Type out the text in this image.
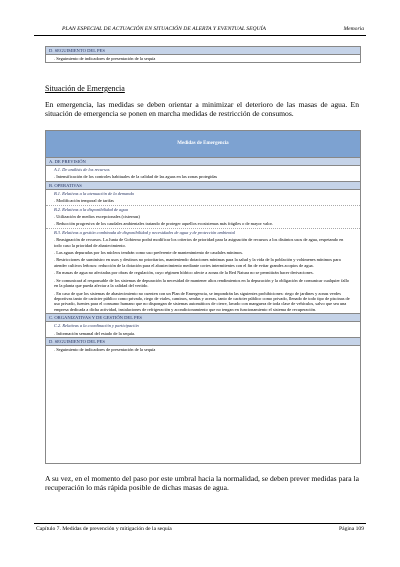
PLAN ESPECIAL DE ACTUACIÓN EN SITUACIÓN DE ALERTA Y EVENTUAL SEQUÍA	Memoria
D. SEGUIMIENTO DEL PES
. Seguimiento de indicadores de presentación de la sequía
Situación de Emergencia
En emergencia, las medidas se deben orientar a minimizar el deterioro de las masas de agua. En situación de emergencia se ponen en marcha medidas de restricción de consumos.
Medidas de Emergencia
A. DE PREVISIÓN
A.1. De análisis de los recursos
. Intensificación de los controles habituales de la calidad de las aguas en las zonas protegidas
B. OPERATIVAS
B.1. Relativas a la atenuación de la demanda
. Modificación temporal de tarifas
B.2. Relativas a la disponibilidad de agua
. Utilización de medios excepcionales (cisternas)
. Reducción progresiva de los caudales ambientales tratando de proteger aquellos ecosistemas más frágiles o de mayor valor.
B.3. Relativas a gestión combinada de disponibilidad y necesidades de agua y de protección ambiental
. Reasignación de recursos. La Junta de Gobierno podrá modificar los criterios de prioridad para la asignación de recursos a los distintos usos de agua, respetando en todo caso la prioridad de abastecimiento.
. Las aguas depuradas por los núcleos tendrán como uso preferente de mantenimiento de caudales mínimos.
. Restricciones de suministro en usos y destinos no prioritarios, manteniendo dotaciones mínimas para la salud y la vida de la población y volúmenes mínimos para atender cultivos leñosos: reducción de la dotación para el abastecimiento mediante cortes intermitentes con el fin de evitar grandes acopios de agua.
. En masas de agua no afectadas por obras de regulación, cuyo régimen hídrico afecte a zonas de la Red Natura no se permitirán hacer derivaciones.
. Se comunicará al responsable de los sistemas de depuración la necesidad de mantener altos rendimientos en la depuración y la obligación de comunicar cualquier fallo en la planta que pueda afectar a la calidad del vertido.
. En caso de que los sistemas de abastecimiento no cuenten con un Plan de Emergencia, se impondrán las siguientes prohibiciones: riego de jardines y zonas verdes deportivas tanto de carácter público como privado, riego de viales, caminos, sendas y aceras, tanto de carácter público como privado, llenado de todo tipo de piscinas de uso privado, fuentes para el consumo humano que no dispongan de sistemas automáticos de cierre, lavado con manguera de toda clase de vehículos, salvo que sea una empresa dedicada a dicha actividad, instalaciones de refrigeración y acondicionamiento que no tengan en funcionamiento el sistema de recuperación.
C. ORGANIZATIVAS Y DE GESTIÓN DEL PES
C.2. Relativas a la coordinación y participación
. Información semanal del estado de la sequía.
D. SEGUIMIENTO DEL PES
. Seguimiento de indicadores de presentación de la sequía
A su vez, en el momento del paso por este umbral hacia la normalidad, se deben prever medidas para la recuperación lo más rápida posible de dichas masas de agua.
Capítulo 7. Medidas de prevención y mitigación de la sequía	Página 109
